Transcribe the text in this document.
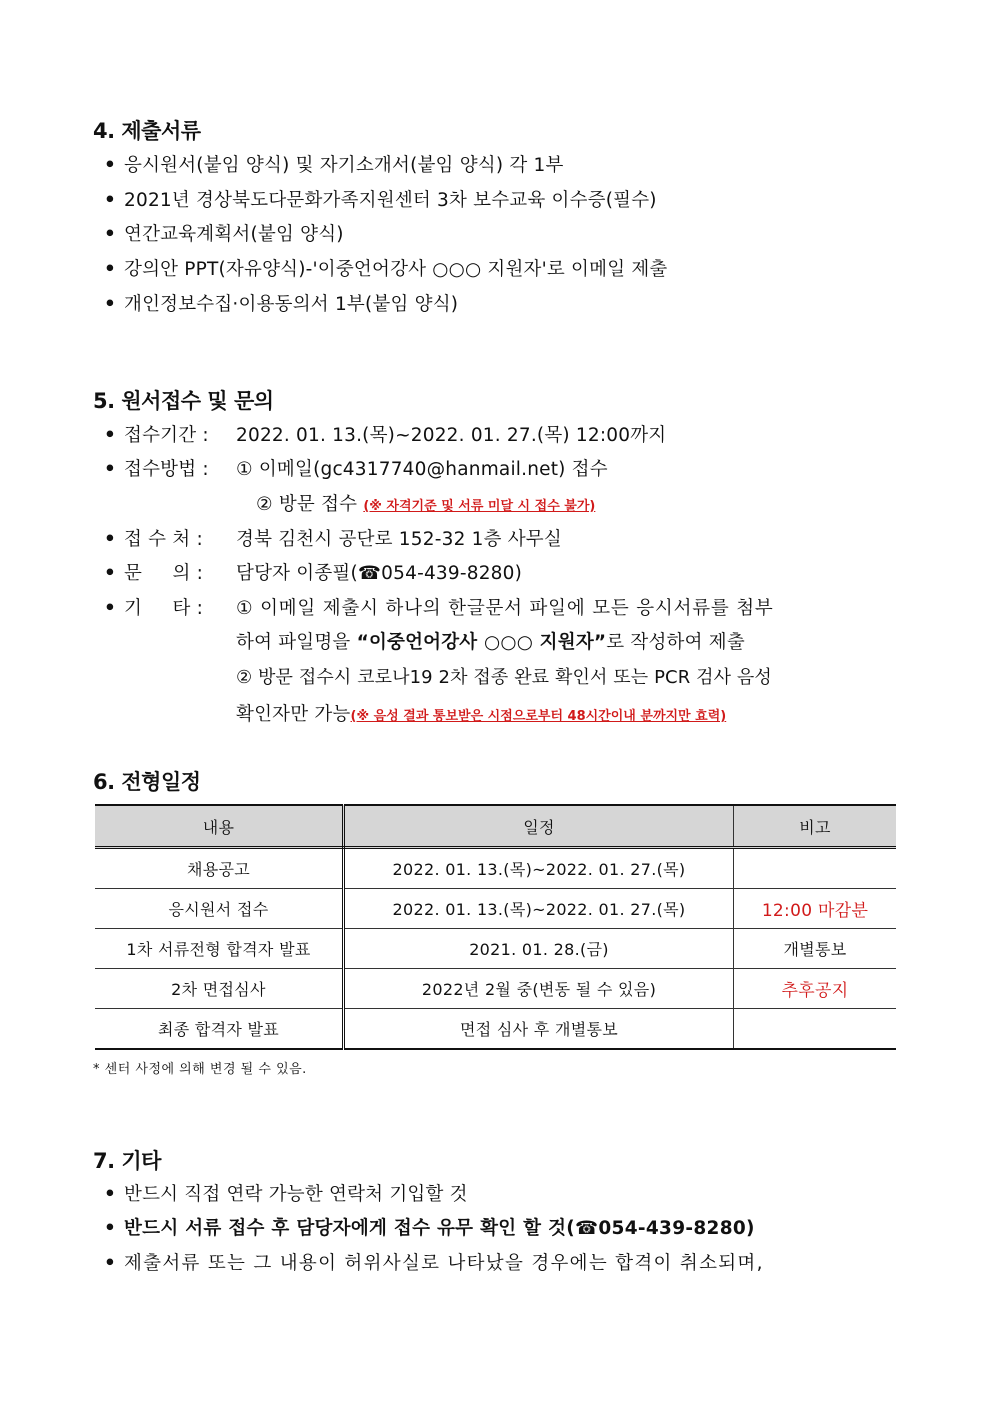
4. 제출서류
• 응시원서(붙임 양식) 및 자기소개서(붙임 양식) 각 1부
• 2021년 경상북도다문화가족지원센터 3차 보수교육 이수증(필수)
• 연간교육계획서(붙임 양식)
• 강의안 PPT(자유양식)-'이중언어강사 ○○○ 지원자'로 이메일 제출
• 개인정보수집·이용동의서 1부(붙임 양식)
5. 원서접수 및 문의
• 접수기간 : 2022. 01. 13.(목)~2022. 01. 27.(목) 12:00까지
• 접수방법 : ① 이메일(gc4317740@hanmail.net) 접수
② 방문 접수 (※ 자격기준 및 서류 미달 시 접수 불가)
• 접 수 처 : 경북 김천시 공단로 152-32 1층 사무실
• 문     의 : 담당자 이종필(☎054-439-8280)
• 기     타 : ① 이메일 제출시 하나의 한글문서 파일에 모든 응시서류를 첨부
하여 파일명을 “이중언어강사 ○○○ 지원자”로 작성하여 제출
② 방문 접수시 코로나19 2차 접종 완료 확인서 또는 PCR 검사 음성
확인자만 가능(※ 음성 결과 통보받은 시점으로부터 48시간이내 분까지만 효력)
6. 전형일정
내용	일정	비고
채용공고	2022. 01. 13.(목)~2022. 01. 27.(목)	
응시원서 접수	2022. 01. 13.(목)~2022. 01. 27.(목)	12:00 마감분
1차 서류전형 합격자 발표	2021. 01. 28.(금)	개별통보
2차 면접심사	2022년 2월 중(변동 될 수 있음)	추후공지
최종 합격자 발표	면접 심사 후 개별통보	
* 센터 사정에 의해 변경 될 수 있음.
7. 기타
• 반드시 직접 연락 가능한 연락처 기입할 것
• 반드시 서류 접수 후 담당자에게 접수 유무 확인 할 것(☎054-439-8280)
• 제출서류 또는 그 내용이 허위사실로 나타났을 경우에는 합격이 취소되며,
